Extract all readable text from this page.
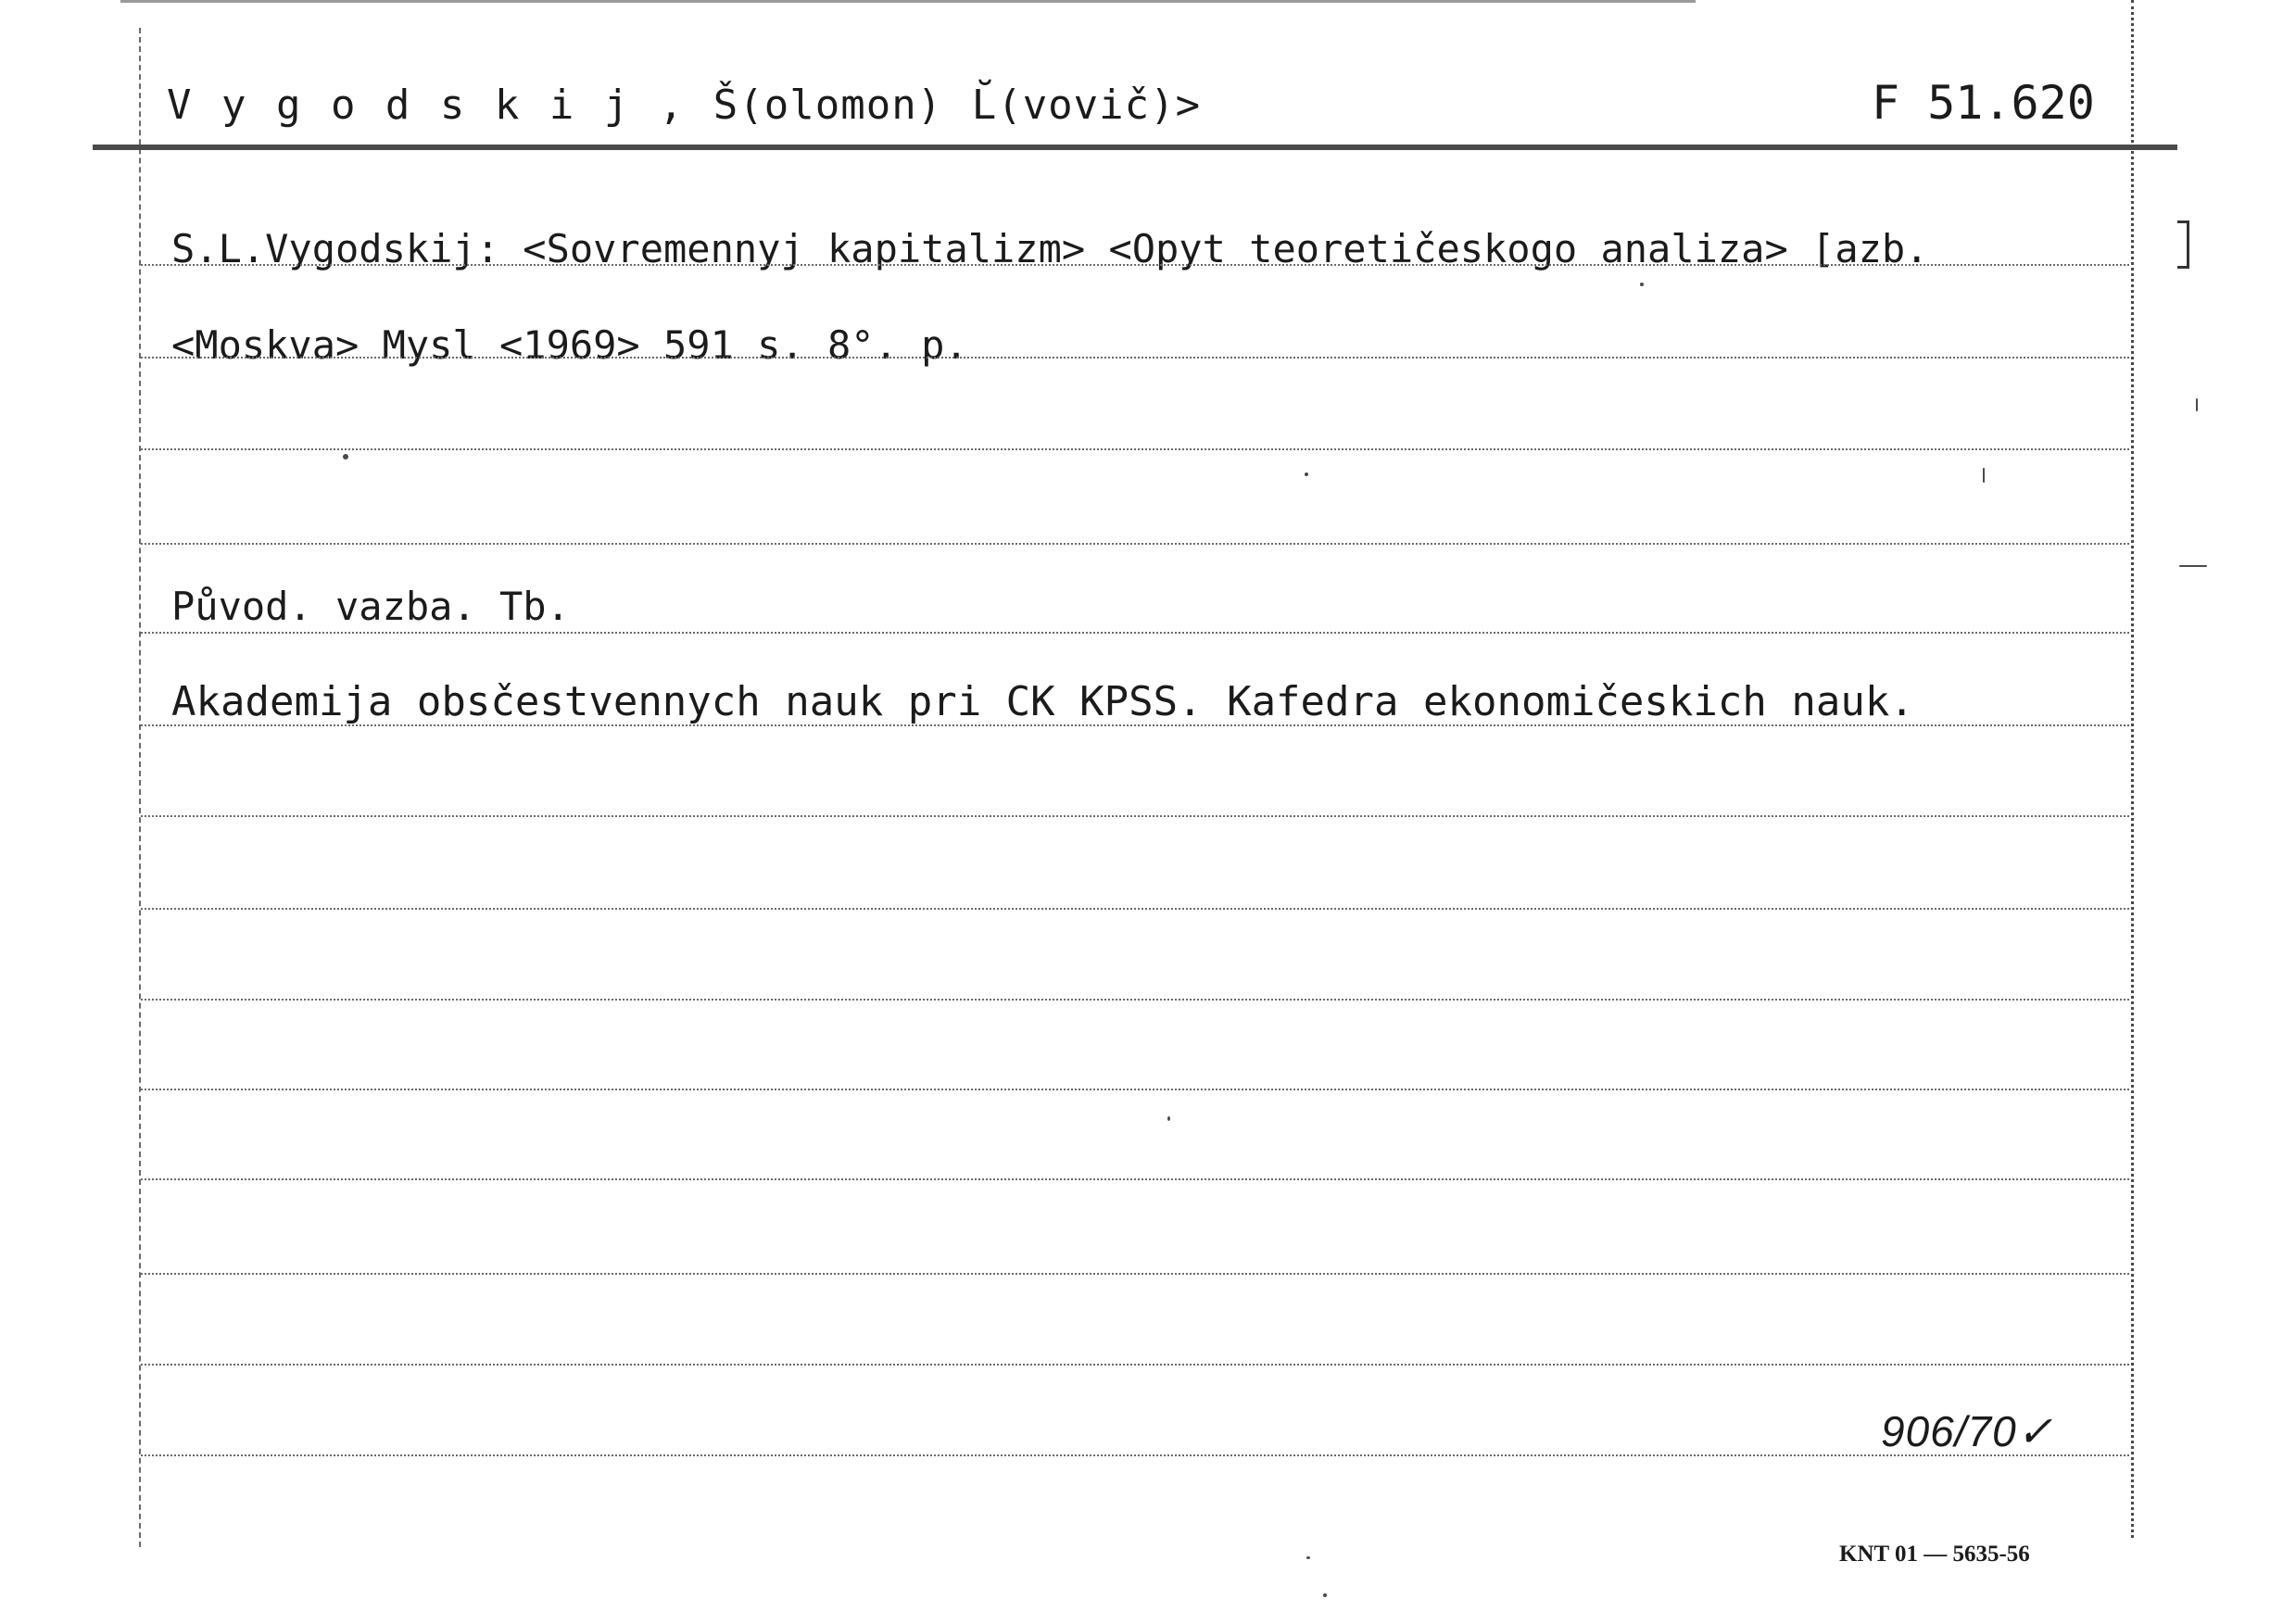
V y g o d s k i j , Š(olomon) L̆(vovič)>	F 51.620
S.L.Vygodskij: <Sovremennyj kapitalizm> <Opyt teoretičeskogo analiza> [azb.
<Moskva> Mysl <1969> 591 s. 8°. p.
Původ. vazba. Tb.
Akademija obsčestvennych nauk pri CK KPSS. Kafedra ekonomičeskich nauk.
906/70✓
KNT 01 — 5635-56
